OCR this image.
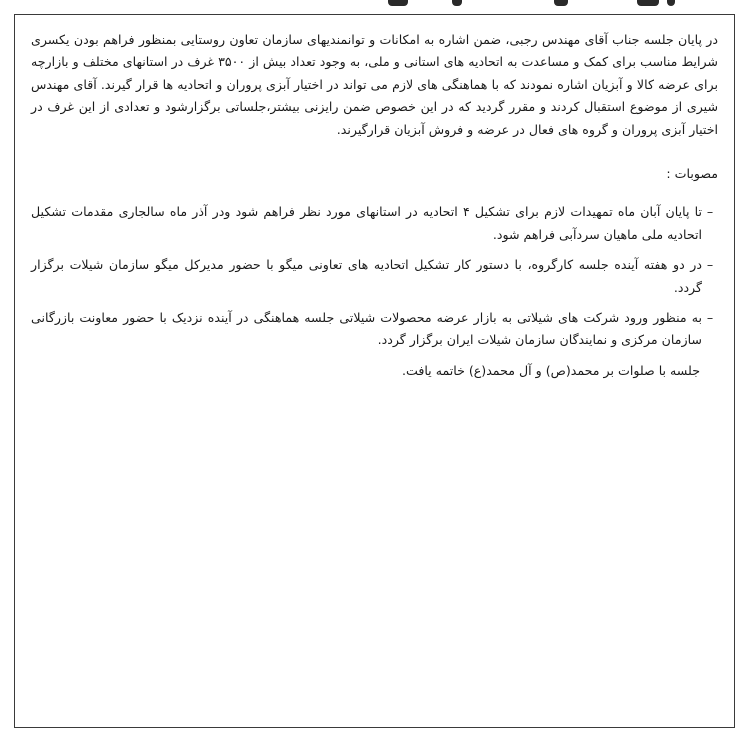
در پایان جلسه جناب آقای مهندس رجبی، ضمن اشاره به امکانات و توانمندیهای سازمان تعاون روستایی بمنظور فراهم بودن یکسری شرایط مناسب برای کمک و مساعدت به اتحادیه های استانی و ملی، به وجود تعداد بیش از ۳۵۰۰ غرف در استانهای مختلف و بازارچه برای عرضه کالا و آبزیان اشاره نمودند که با هماهنگی های لازم می تواند در اختیار آبزی پروران و اتحادیه ها قرار گیرند. آقای مهندس شیری از موضوع استقبال کردند و مقرر گردید که در این خصوص ضمن رایزنی بیشتر،جلساتی برگزارشود و تعدادی از این غرف در اختیار آبزی پروران و گروه های فعال در عرضه و فروش آبزیان قرارگیرند.

مصوبات :

–
تا پایان آبان ماه تمهیدات لازم برای تشکیل ۴ اتحادیه در استانهای مورد نظر فراهم شود ودر آذر ماه سالجاری مقدمات تشکیل اتحادیه ملی ماهیان سردآبی فراهم شود.
–
در دو هفته آینده جلسه کارگروه، با دستور کار تشکیل اتحادیه های تعاونی میگو با حضور مدیرکل میگو سازمان شیلات برگزار گردد.
–
به منظور ورود شرکت های شیلاتی به بازار عرضه محصولات شیلاتی جلسه هماهنگی در آینده نزدیک با حضور معاونت بازرگانی سازمان مرکزی و نمایندگان سازمان شیلات ایران برگزار گردد.

جلسه با صلوات بر محمد(ص) و آل محمد(ع) خاتمه یافت.
